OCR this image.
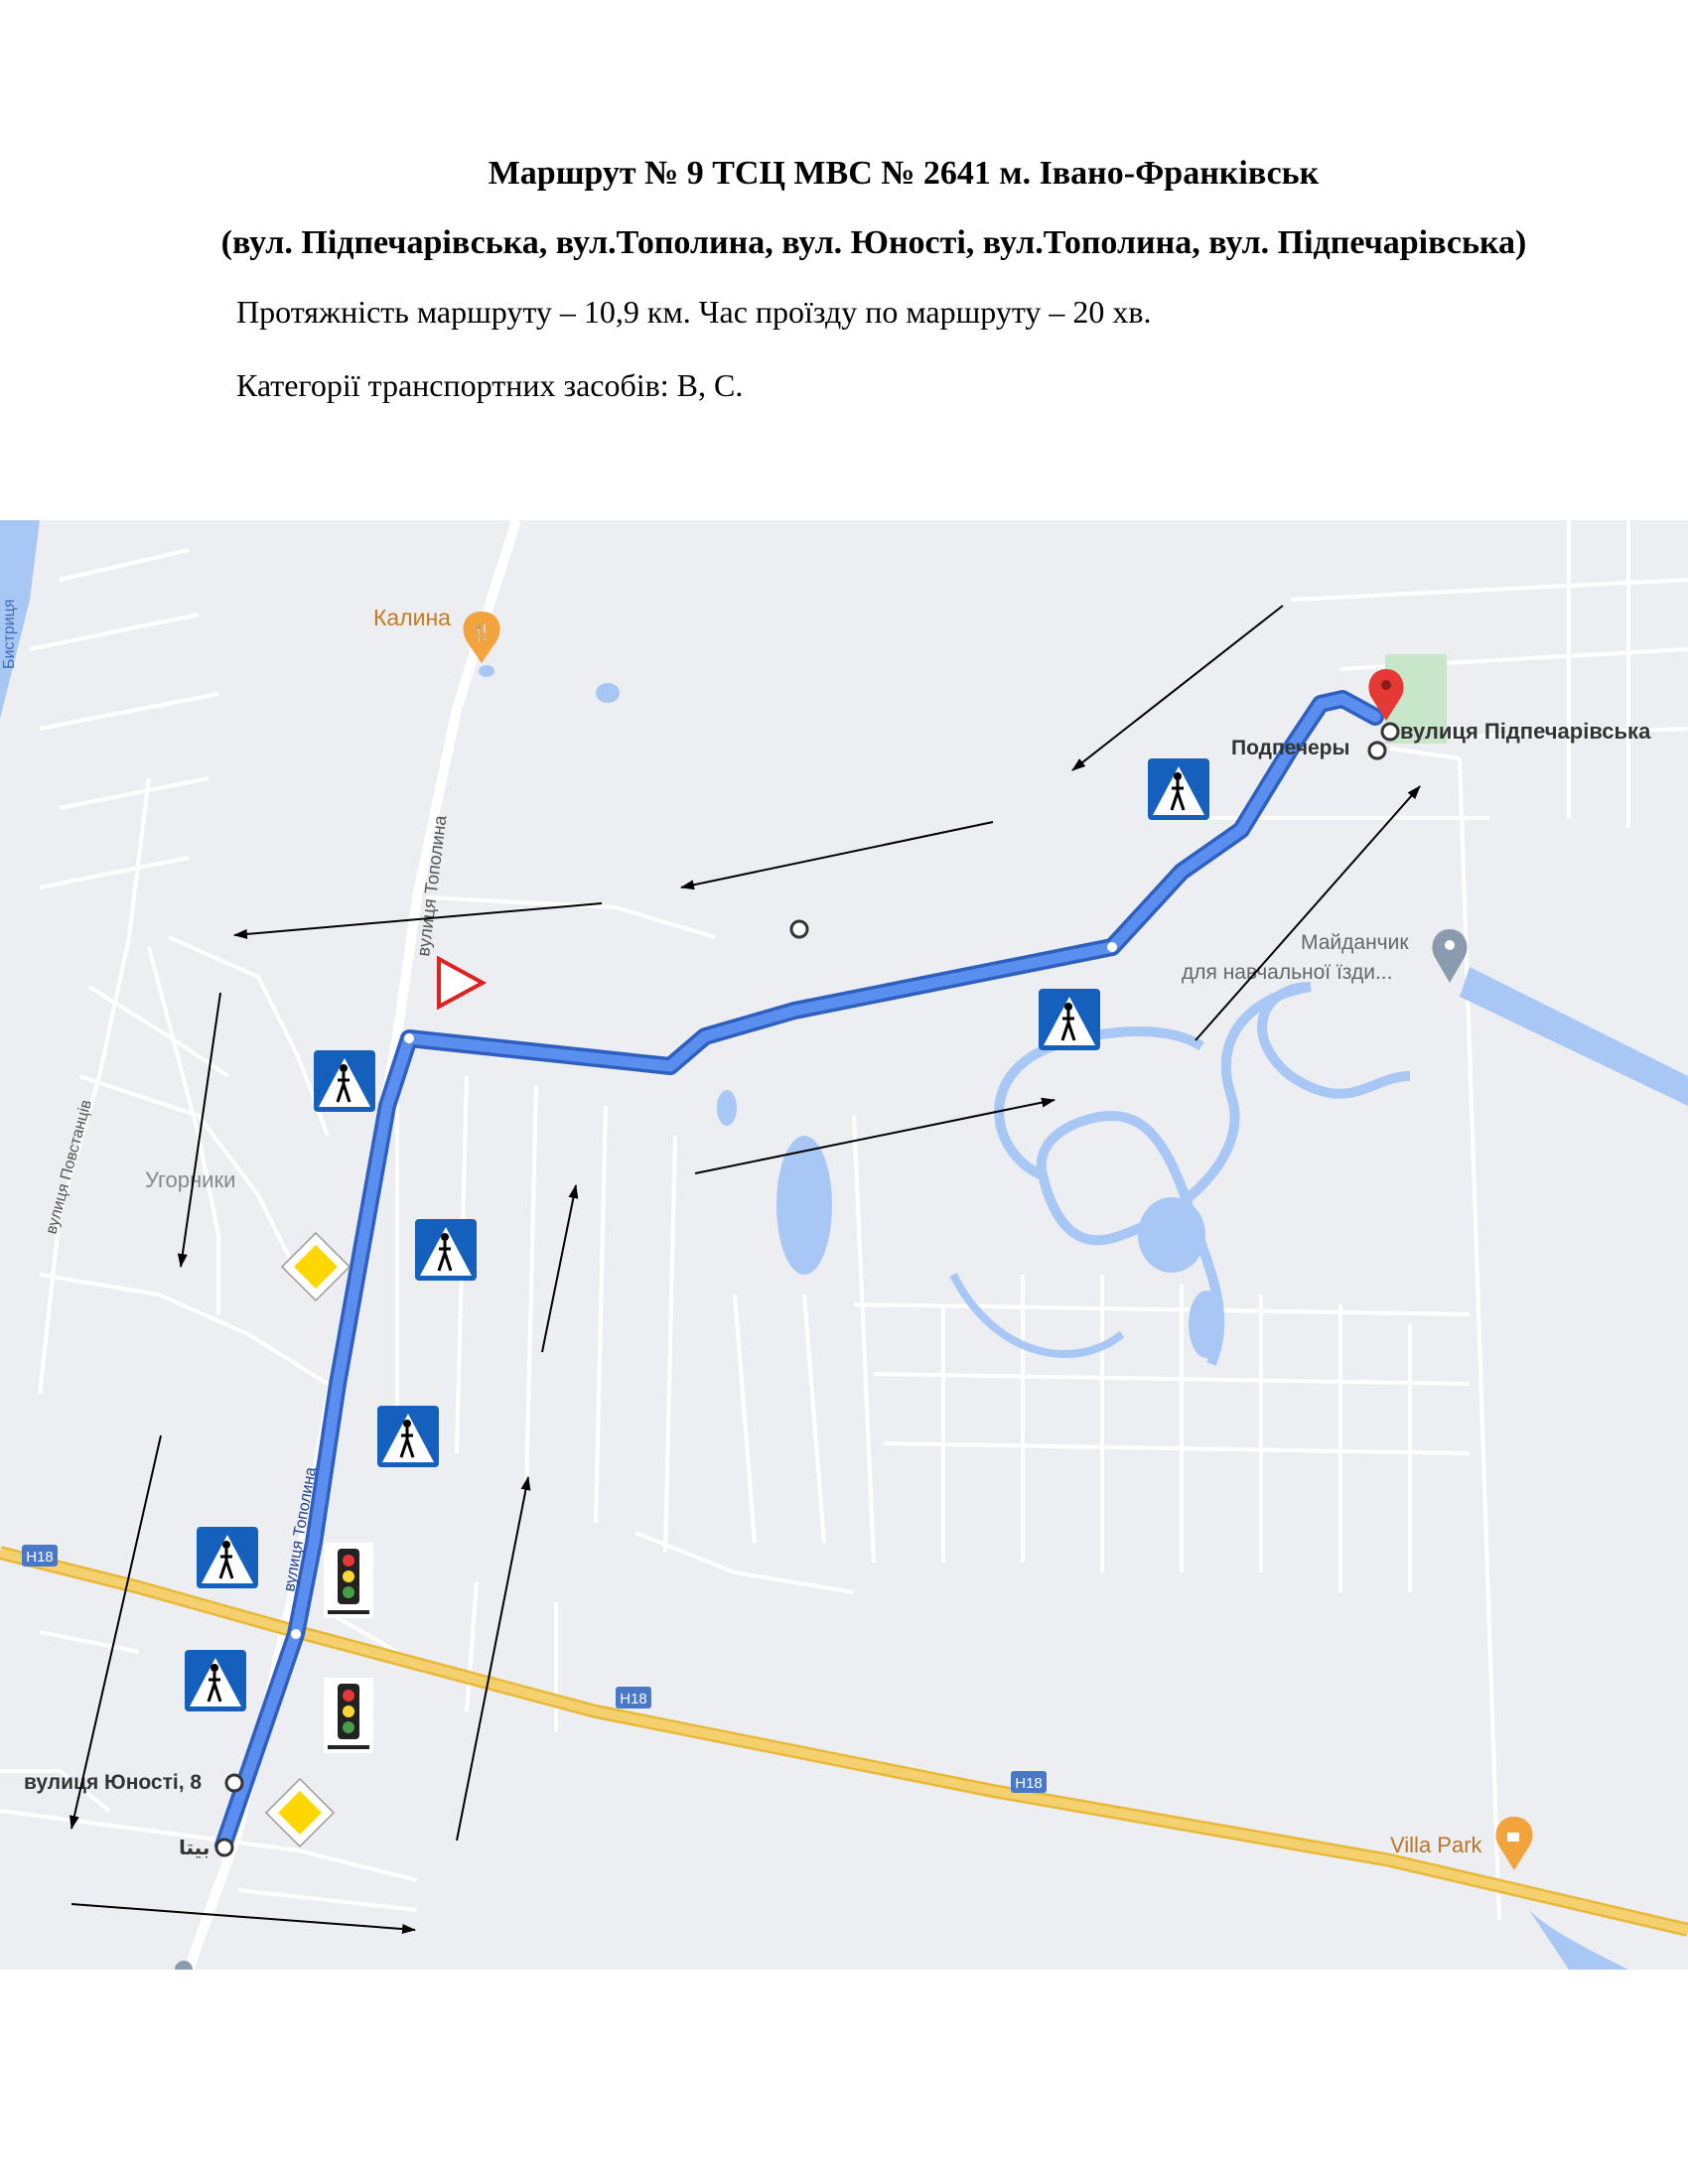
Маршрут № 9 ТСЦ МВС № 2641 м. Івано-Франківськ
(вул. Підпечарівська, вул.Тополина, вул. Юності, вул.Тополина, вул. Підпечарівська)
Протяжність маршруту – 10,9 км. Час проїзду по маршруту – 20 хв.
Категорії транспортних засобів: B, C.
H18
H18
H18
вулиця Тополина
вулиця Тополина
вулиця Повстанців
Бистриця	Калина
🍴
Подпечеры
вулиця Підпечарівська
Майданчик
для навчальної їзди...
Угорники
вулиця Юності, 8
بيتا	Villa Park
